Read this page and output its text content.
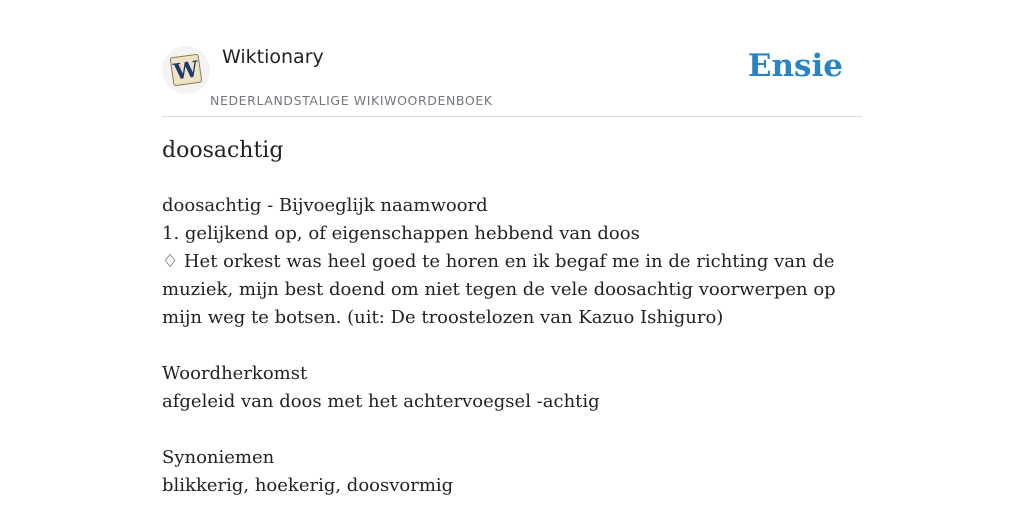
W Wiktionary
NEDERLANDSTALIGE WIKIWOORDENBOEK
Ensie
doosachtig

doosachtig - Bijvoeglijk naamwoord

1. gelijkend op, of eigenschappen hebbend van doos

♢ Het orkest was heel goed te horen en ik begaf me in de richting van de muziek, mijn best doend om niet tegen de vele doosachtig voorwerpen op mijn weg te botsen. (uit: De troostelozen van Kazuo Ishiguro)

Woordherkomst

afgeleid van doos met het achtervoegsel -achtig

Synoniemen

blikkerig, hoekerig, doosvormig
